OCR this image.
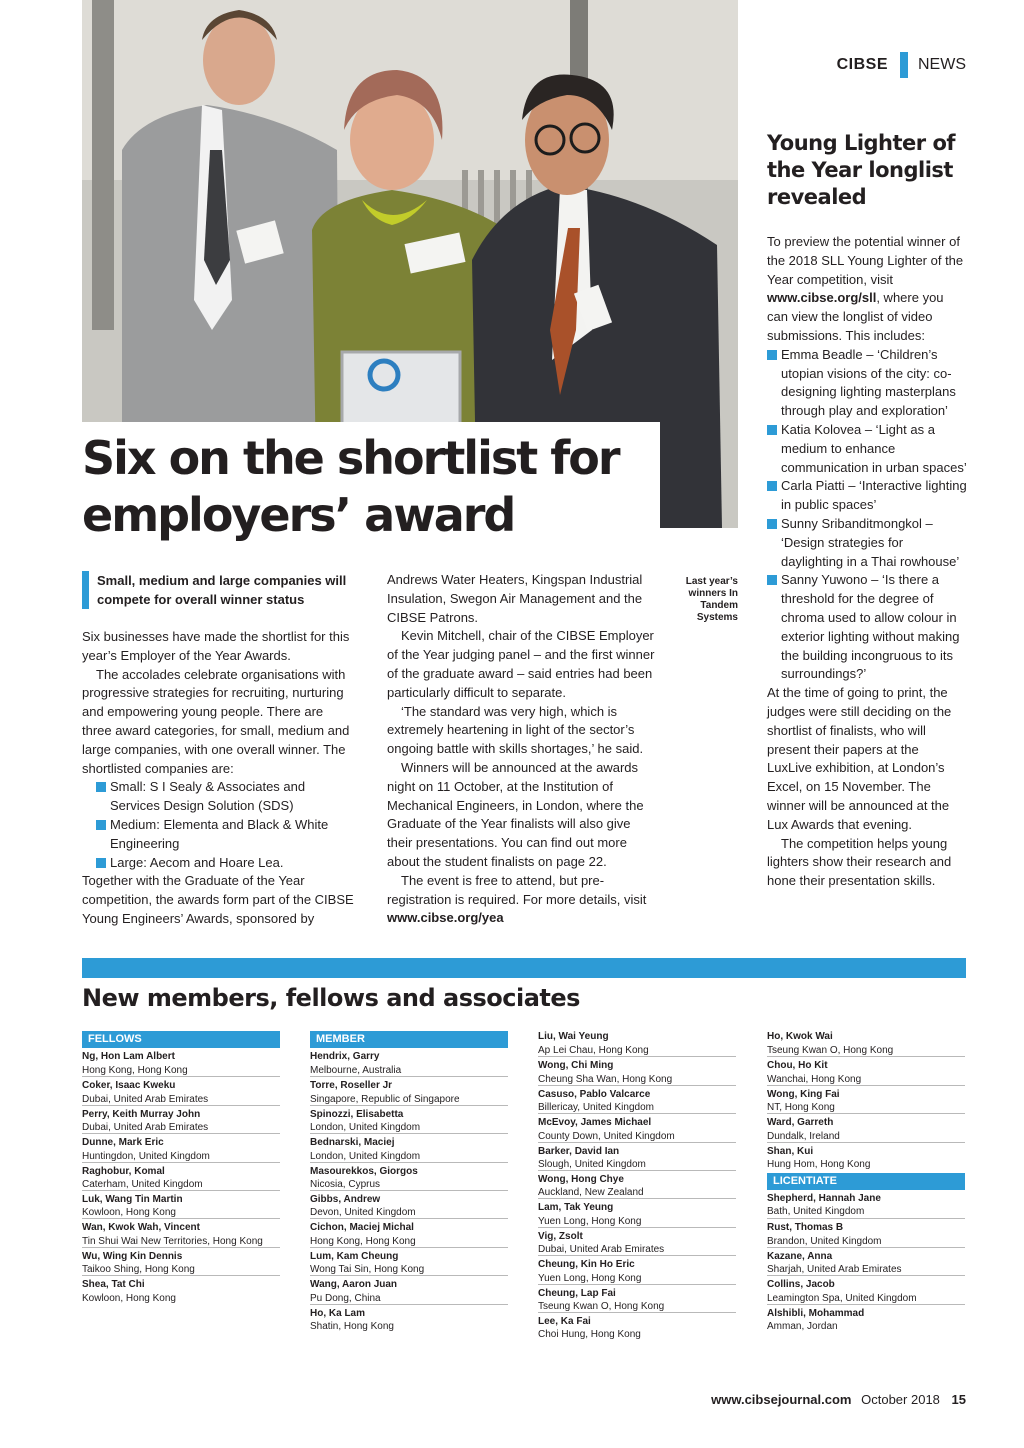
Six on the shortlist for employers’ award
CIBSE NEWS
Young Lighter of the Year longlist revealed
Small, medium and large companies will compete for overall winner status

Six businesses have made the shortlist for this year’s Employer of the Year Awards.

The accolades celebrate organisations with progressive strategies for recruiting, nurturing and empowering young people. There are three award categories, for small, medium and large companies, with one overall winner. The shortlisted companies are:

Small: S I Sealy & Associates and Services Design Solution (SDS)

Medium: Elementa and Black & White Engineering

Large: Aecom and Hoare Lea.

Together with the Graduate of the Year competition, the awards form part of the CIBSE Young Engineers’ Awards, sponsored by

Andrews Water Heaters, Kingspan Industrial Insulation, Swegon Air Management and the CIBSE Patrons.

Kevin Mitchell, chair of the CIBSE Employer of the Year judging panel – and the first winner of the graduate award – said entries had been particularly difficult to separate.

‘The standard was very high, which is extremely heartening in light of the sector’s ongoing battle with skills shortages,’ he said.

Winners will be announced at the awards night on 11 October, at the Institution of Mechanical Engineers, in London, where the Graduate of the Year finalists will also give their presentations. You can find out more about the student finalists on page 22.

The event is free to attend, but pre-registration is required. For more details, visit www.cibse.org/yea

Last year’s winners In Tandem Systems

To preview the potential winner of the 2018 SLL Young Lighter of the Year competition, visit www.cibse.org/sll, where you can view the longlist of video submissions. This includes:

Emma Beadle – ‘Children’s utopian visions of the city: co-designing lighting masterplans through play and exploration’

Katia Kolovea – ‘Light as a medium to enhance communication in urban spaces’

Carla Piatti – ‘Interactive lighting in public spaces’

Sunny Sribanditmongkol – ‘Design strategies for daylighting in a Thai rowhouse’

Sanny Yuwono – ‘Is there a threshold for the degree of chroma used to allow colour in exterior lighting without making the building incongruous to its surroundings?’

At the time of going to print, the judges were still deciding on the shortlist of finalists, who will present their papers at the LuxLive exhibition, at London’s Excel, on 15 November. The winner will be announced at the Lux Awards that evening.

The competition helps young lighters show their research and hone their presentation skills.

New members, fellows and associates
FELLOWS
Ng, Hon Lam Albert
Hong Kong, Hong Kong
Coker, Isaac Kweku
Dubai, United Arab Emirates
Perry, Keith Murray John
Dubai, United Arab Emirates
Dunne, Mark Eric
Huntingdon, United Kingdom
Raghobur, Komal
Caterham, United Kingdom
Luk, Wang Tin Martin
Kowloon, Hong Kong
Wan, Kwok Wah, Vincent
Tin Shui Wai New Territories, Hong Kong
Wu, Wing Kin Dennis
Taikoo Shing, Hong Kong
Shea, Tat Chi
Kowloon, Hong Kong
MEMBER
Hendrix, Garry
Melbourne, Australia
Torre, Roseller Jr
Singapore, Republic of Singapore
Spinozzi, Elisabetta
London, United Kingdom
Bednarski, Maciej
London, United Kingdom
Masourekkos, Giorgos
Nicosia, Cyprus
Gibbs, Andrew
Devon, United Kingdom
Cichon, Maciej Michal
Hong Kong, Hong Kong
Lum, Kam Cheung
Wong Tai Sin, Hong Kong
Wang, Aaron Juan
Pu Dong, China
Ho, Ka Lam
Shatin, Hong Kong
Liu, Wai Yeung
Ap Lei Chau, Hong Kong
Wong, Chi Ming
Cheung Sha Wan, Hong Kong
Casuso, Pablo Valcarce
Billericay, United Kingdom
McEvoy, James Michael
County Down, United Kingdom
Barker, David Ian
Slough, United Kingdom
Wong, Hong Chye
Auckland, New Zealand
Lam, Tak Yeung
Yuen Long, Hong Kong
Vig, Zsolt
Dubai, United Arab Emirates
Cheung, Kin Ho Eric
Yuen Long, Hong Kong
Cheung, Lap Fai
Tseung Kwan O, Hong Kong
Lee, Ka Fai
Choi Hung, Hong Kong
Ho, Kwok Wai
Tseung Kwan O, Hong Kong
Chou, Ho Kit
Wanchai, Hong Kong
Wong, King Fai
NT, Hong Kong
Ward, Garreth
Dundalk, Ireland
Shan, Kui
Hung Hom, Hong Kong
LICENTIATE
Shepherd, Hannah Jane
Bath, United Kingdom
Rust, Thomas B
Brandon, United Kingdom
Kazane, Anna
Sharjah, United Arab Emirates
Collins, Jacob
Leamington Spa, United Kingdom
Alshibli, Mohammad
Amman, Jordan
www.cibsejournal.com October 2018 15
